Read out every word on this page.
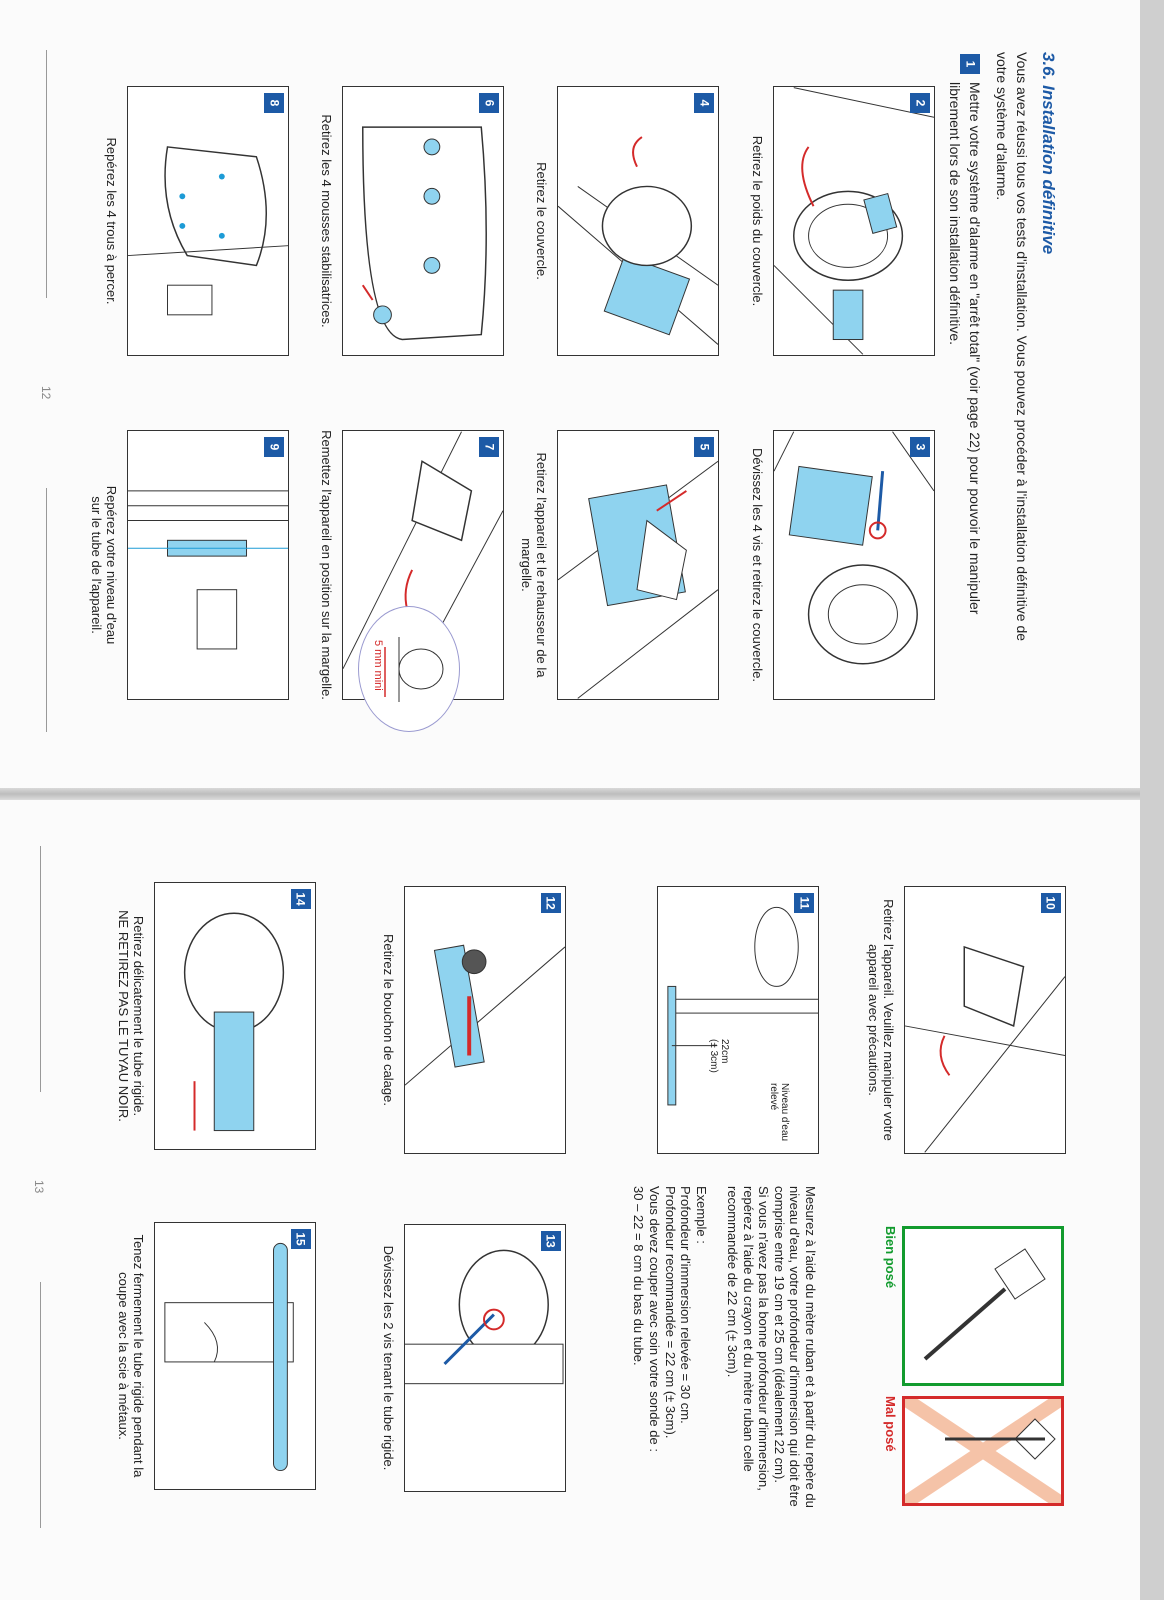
3.6. Installation définitive
Vous avez réussi tous vos tests d'installation. Vous pouvez procéder à l'installation définitive de
votre système d'alarme.
1
Mettre votre système d'alarme en "arrêt total" (voir page 22) pour pouvoir le manipuler
librement lors de son installation définitive.
2
Retirez le poids du couvercle.
3
Dévissez les 4 vis et retirez le couvercle.
4
Retirez le couvercle.
5
Retirez l'appareil et le rehausseur de la margelle.
6
Retirez les 4 mousses stabilisatrices.
7
5 mm mini
Remettez l'appareil en position sur la margelle.
8
Repérez les 4 trous à percer.
9
Repérez votre niveau d'eau
sur le tube de l'appareil.
12
10
Retirez l'appareil. Veuillez manipuler votre
appareil avec précautions.
11
Niveau d'eau
relevé
22cm
(± 3cm)
12
Retirez le bouchon de calage.
14
Retirez délicatement le tube rigide.
NE RETIREZ PAS LE TUYAU NOIR.
Bien posé
Mal posé
Mesurez à l'aide du mètre ruban et à partir du repère du
niveau d'eau, votre profondeur d'immersion qui doit être
comprise entre 19 cm et 25 cm (idéalement 22 cm).
Si vous n'avez pas la bonne profondeur d'immersion,
repérez à l'aide du crayon et du mètre ruban celle
recommandée de 22 cm (± 3cm).
Exemple :
Profondeur d'immersion relevée = 30 cm.
Profondeur recommandée = 22 cm (± 3cm).
Vous devez couper avec soin votre sonde de :
30 – 22 = 8 cm du bas du tube.
13
Dévissez les 2 vis tenant le tube rigide.
15
Tenez fermement le tube rigide pendant la
coupe avec la scie à métaux.
13
